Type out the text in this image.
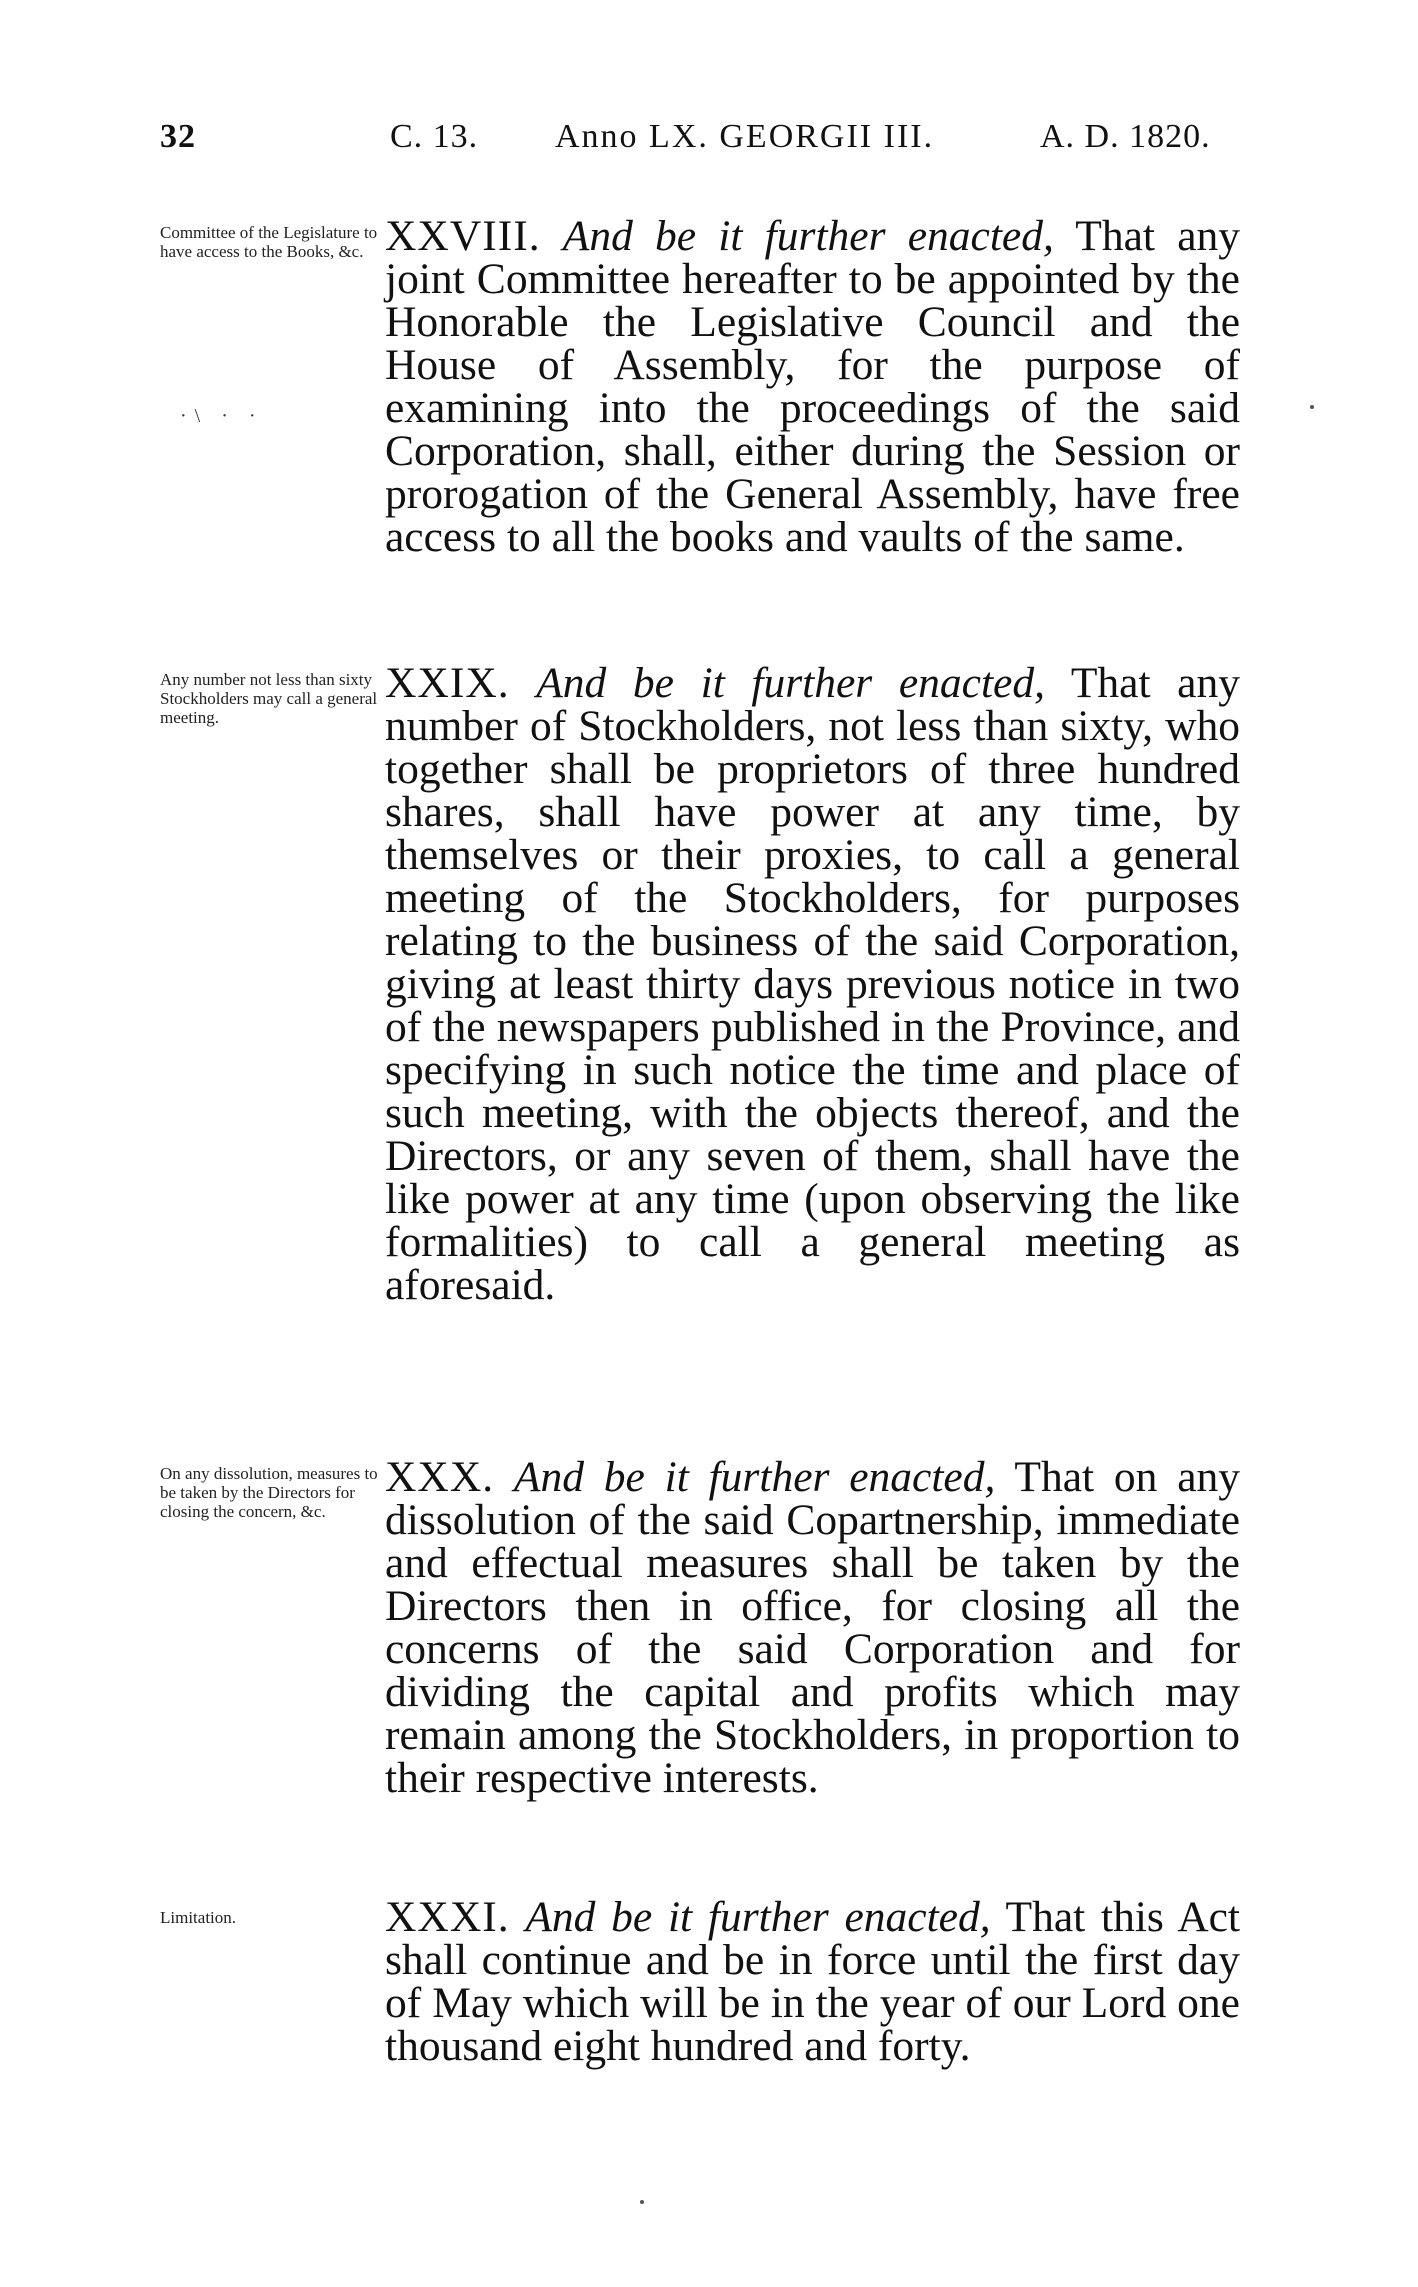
32	C. 13. Anno LX. GEORGII III.	A. D. 1820.
Committee of the Legislature to have access to the Books, &c. XXVIII. And be it further enacted, That any joint Committee hereafter to be appointed by the Honorable the Legislative Council and the House of Assembly, for the purpose of examining into the proceedings of the said Corporation, shall, either during the Session or prorogation of the General Assembly, have free access to all the books and vaults of the same.
·\ · ·
Any number not less than sixty Stockholders may call a general meeting.
XXIX. And be it further enacted, That any number of Stockholders, not less than sixty, who together shall be proprietors of three hundred shares, shall have power at any time, by themselves or their proxies, to call a general meeting of the Stockholders, for purposes relating to the business of the said Corporation, giving at least thirty days previous notice in two of the newspapers published in the Province, and specifying in such notice the time and place of such meeting, with the objects thereof, and the Directors, or any seven of them, shall have the like power at any time (upon observing the like formalities) to call a general meeting as aforesaid.
On any dissolution, measures to be taken by the Directors for closing the concern, &c.
XXX. And be it further enacted, That on any dissolution of the said Copartnership, immediate and effectual measures shall be taken by the Directors then in office, for closing all the concerns of the said Corporation and for dividing the capital and profits which may remain among the Stockholders, in proportion to their respective interests.
Limitation.	XXXI. And be it further enacted, That this Act shall continue and be in force until the first day of May which will be in the year of our Lord one thousand eight hundred and forty.
